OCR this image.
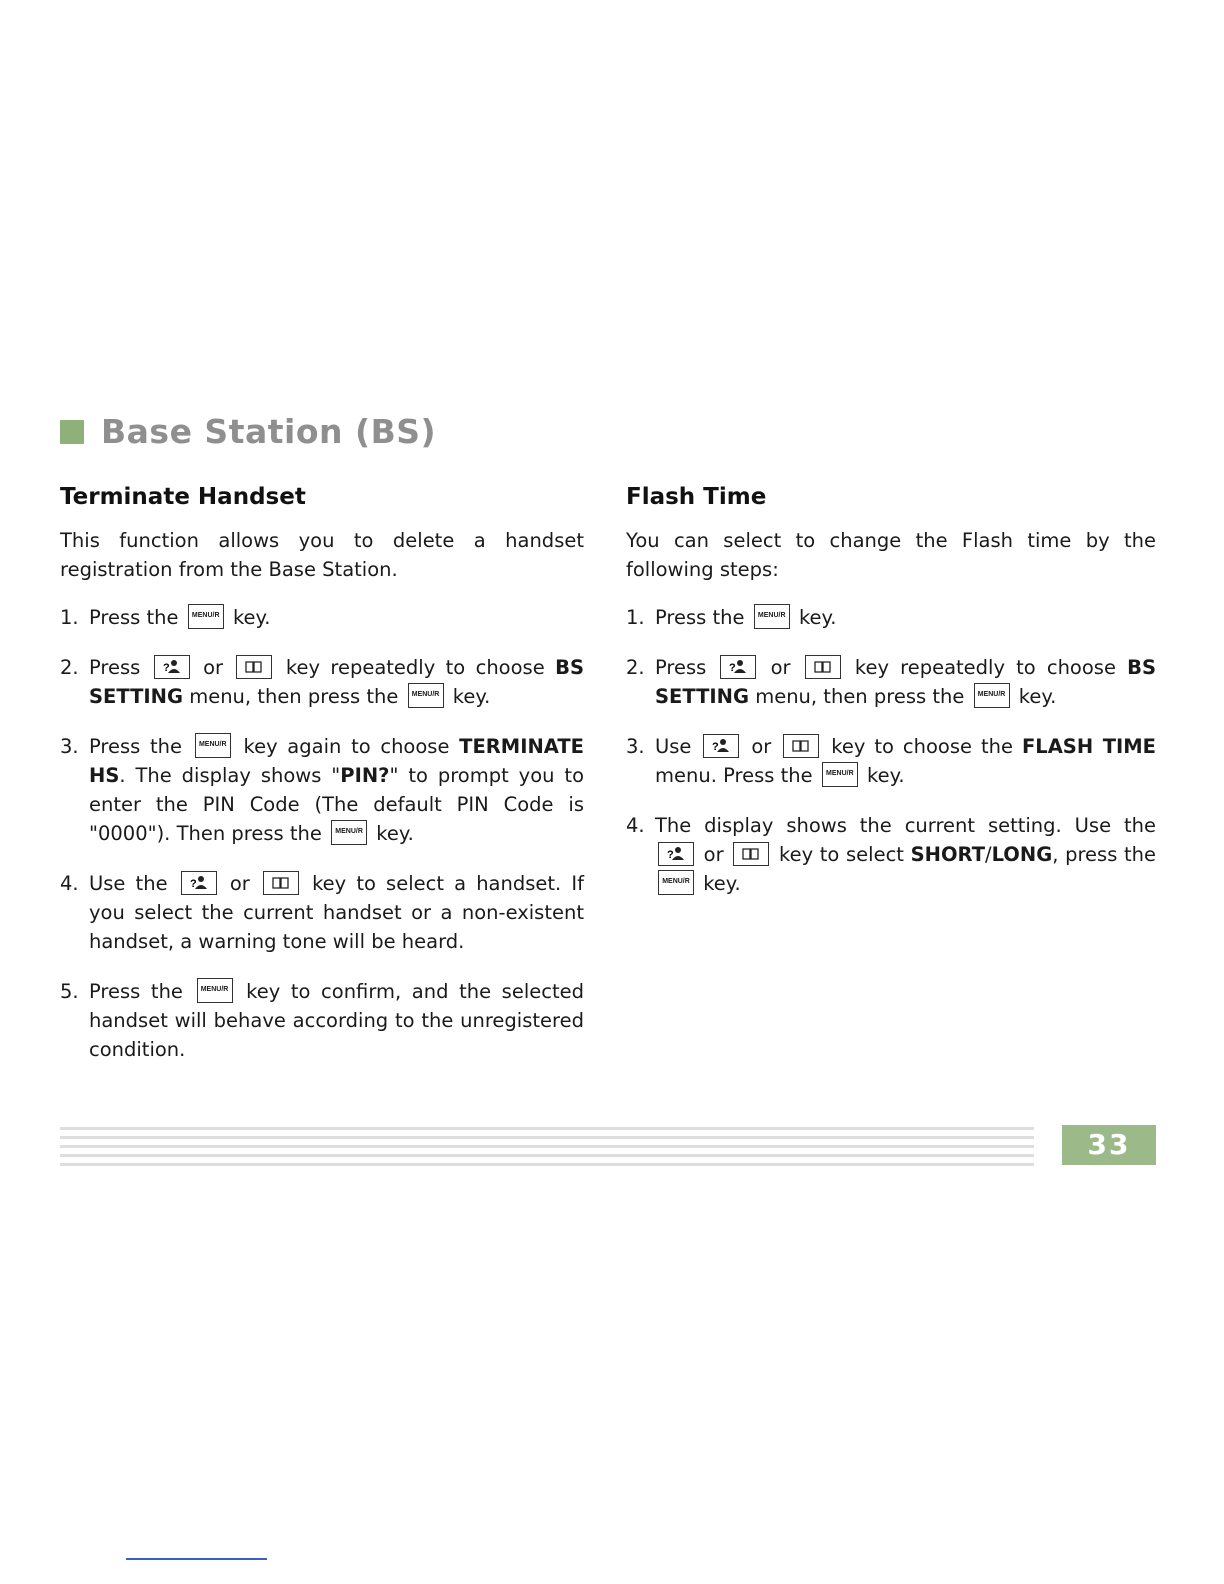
Base Station (BS)
Terminate Handset

This function allows you to delete a handset registration from the Base Station.

1. Press the MENU/R key.
2. Press ? or	key repeatedly to choose BS SETTING menu, then press the MENU/R key.
3. Press the MENU/R key again to choose TERMINATE HS. The display shows "PIN?" to prompt you to enter the PIN Code (The default PIN Code is "0000"). Then press the MENU/R key.
4. Use the ? or	key to select a handset. If you select the current handset or a non-existent handset, a warning tone will be heard.
5. Press the	MENU/R key to confirm, and the selected handset will behave according to the unregistered condition.
Flash Time

You can select to change the Flash time by the following steps:

1. Press the MENU/R key.
2. Press ? or	key repeatedly to choose BS SETTING menu, then press the MENU/R key.
3. Use ? or	key to choose the FLASH TIME menu. Press the MENU/R key.
4. The display shows the current setting. Use the
? or	key to select SHORT/LONG, press the MENU/R key.
33
